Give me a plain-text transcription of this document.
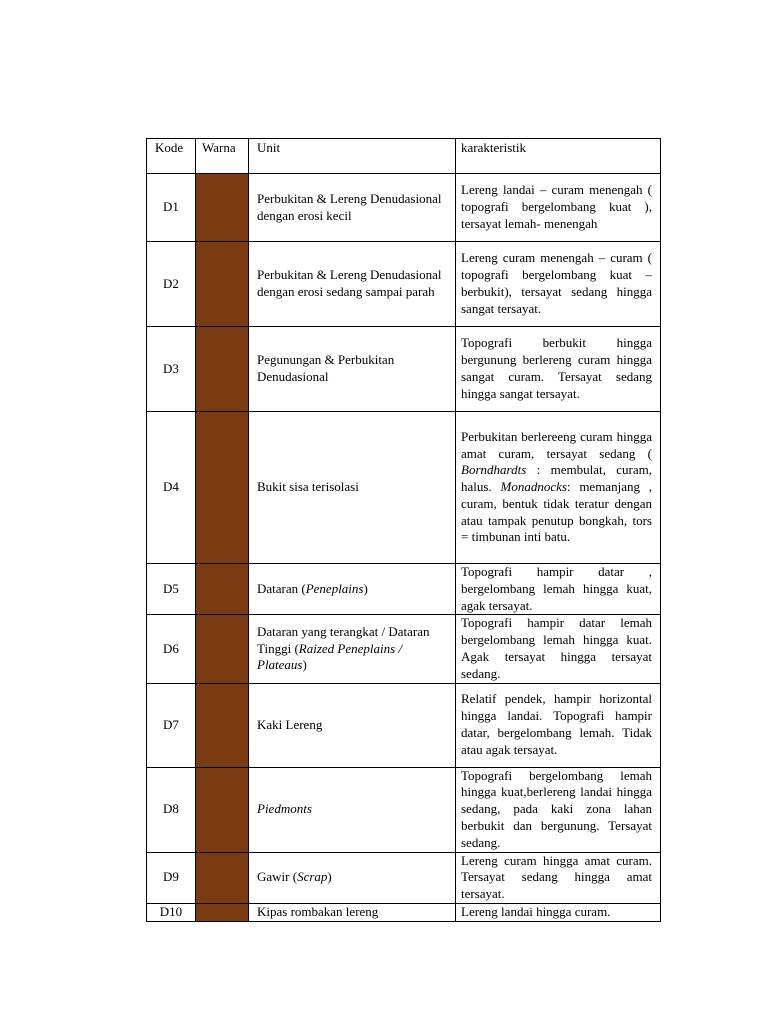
Kode	Warna	Unit	karakteristik
D1		Perbukitan & Lereng Denudasional dengan erosi kecil	Lereng landai – curam menengah ( topografi bergelombang kuat ), tersayat lemah- menengah
D2		Perbukitan & Lereng Denudasional dengan erosi sedang sampai parah	Lereng curam menengah – curam ( topografi bergelombang kuat – berbukit), tersayat sedang hingga sangat tersayat.
D3		Pegunungan & Perbukitan Denudasional	Topografi berbukit hingga bergunung berlereng curam hingga sangat curam. Tersayat sedang hingga sangat tersayat.
D4		Bukit sisa terisolasi	Perbukitan berlereeng curam hingga amat curam, tersayat sedang ( Borndhardts : membulat, curam, halus. Monadnocks: memanjang , curam, bentuk tidak teratur dengan atau tampak penutup bongkah, tors = timbunan inti batu.
D5		Dataran (Peneplains)	Topografi hampir datar , bergelombang lemah hingga kuat, agak tersayat.
D6		Dataran yang terangkat / Dataran Tinggi (Raized Peneplains / Plateaus)	Topografi hampir datar lemah bergelombang lemah hingga kuat. Agak tersayat hingga tersayat sedang.
D7		Kaki Lereng	Relatif pendek, hampir horizontal hingga landai. Topografi hampir datar, bergelombang lemah. Tidak atau agak tersayat.
D8		Piedmonts	Topografi bergelombang lemah hingga kuat,berlereng landai hingga sedang, pada kaki zona lahan berbukit dan bergunung. Tersayat sedang.
D9		Gawir (Scrap)	Lereng curam hingga amat curam. Tersayat sedang hingga amat tersayat.
D10		Kipas rombakan lereng	Lereng landai hingga curam.
